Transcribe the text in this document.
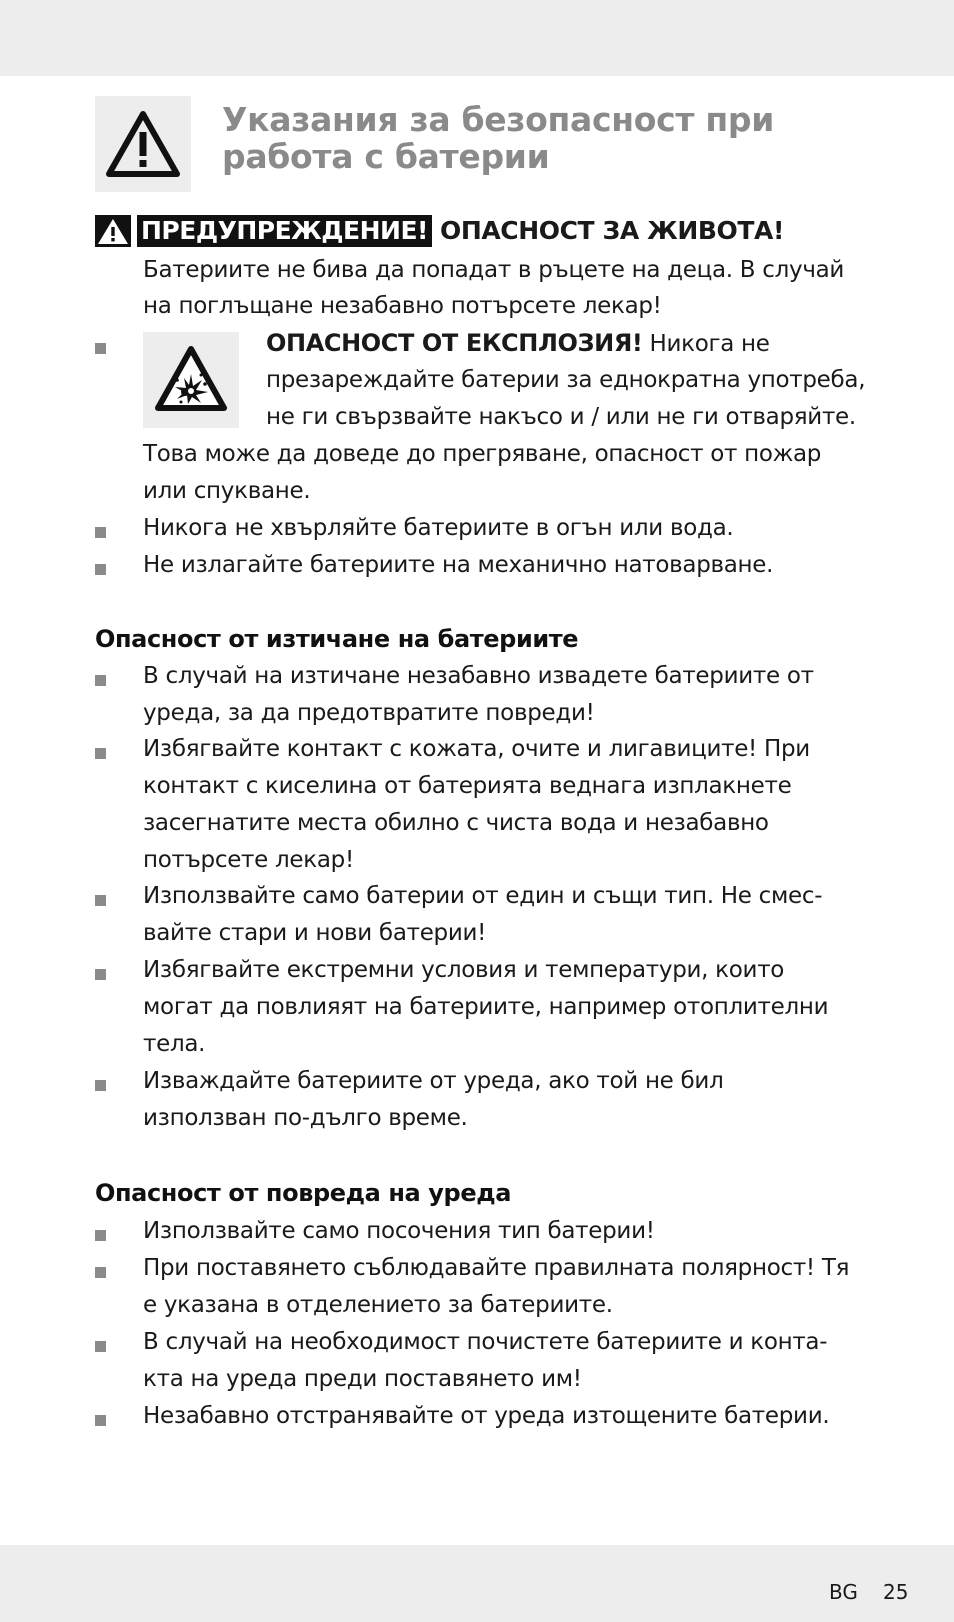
Указания за безопасност при
работа с батерии
ПРЕДУПРЕЖДЕНИЕ! ОПАСНОСТ ЗА ЖИВОТА!
Батериите не бива да попадат в ръцете на деца. В случай
на поглъщане незабавно потърсете лекар!
ОПАСНОСТ ОТ ЕКСПЛОЗИЯ! Никога не
презареждайте батерии за еднократна употреба,
не ги свързвайте накъсо и / или не ги отваряйте.
Това може да доведе до прегряване, опасност от пожар
или спукване.
Никога не хвърляйте батериите в огън или вода.
Не излагайте батериите на механично натоварване.
Опасност от изтичане на батериите
В случай на изтичане незабавно извадете батериите от
уреда, за да предотвратите повреди!
Избягвайте контакт с кожата, очите и лигавиците! При
контакт с киселина от батерията веднага изплакнете
засегнатите места обилно с чиста вода и незабавно
потърсете лекар!
Използвайте само батерии от един и същи тип. Не смес-
вайте стари и нови батерии!
Избягвайте екстремни условия и температури, които
могат да повлияят на батериите, например отоплителни
тела.
Изваждайте батериите от уреда, ако той не бил
използван по-дълго време.
Опасност от повреда на уреда
Използвайте само посочения тип батерии!
При поставянето съблюдавайте правилната полярност! Тя
е указана в отделението за батериите.
В случай на необходимост почистете батериите и конта-
кта на уреда преди поставянето им!
Незабавно отстранявайте от уреда изтощените батерии.
BG 25
